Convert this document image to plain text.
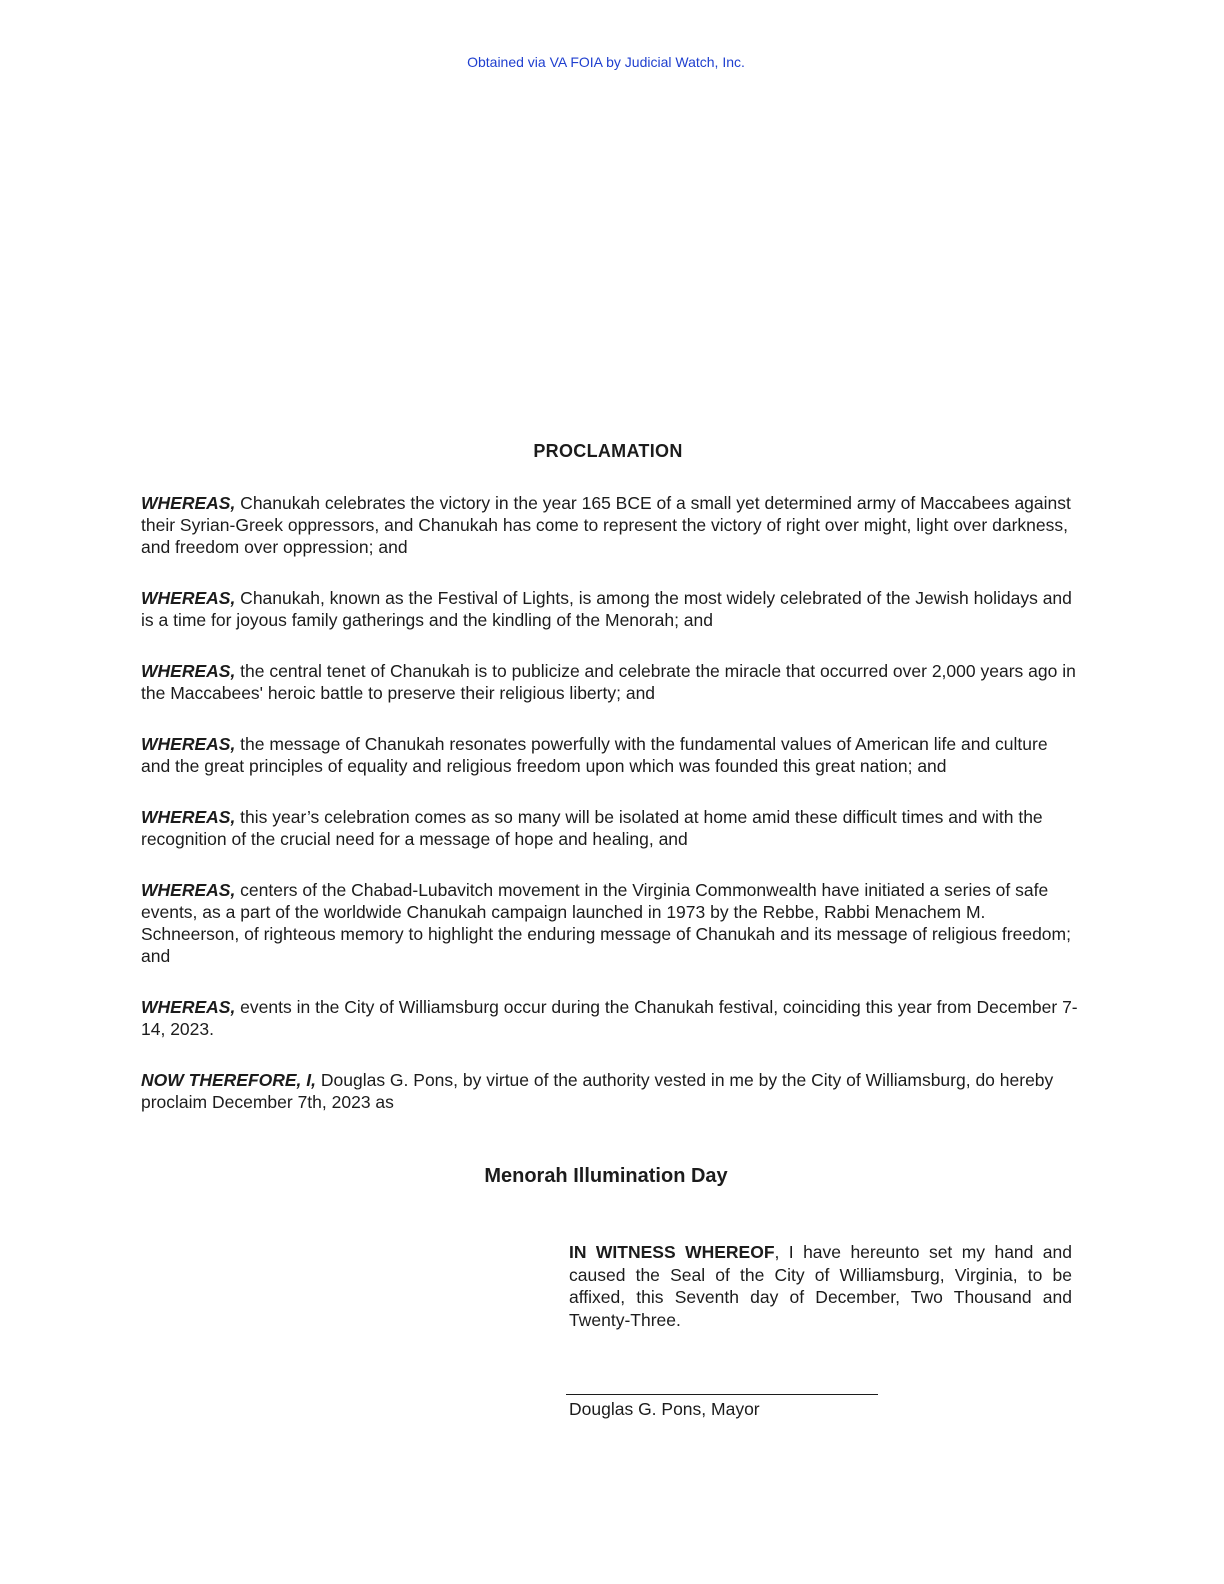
Obtained via VA FOIA by Judicial Watch, Inc.
PROCLAMATION

WHEREAS, Chanukah celebrates the victory in the year 165 BCE of a small yet determined army of Maccabees against their Syrian-Greek oppressors, and Chanukah has come to represent the victory of right over might, light over darkness, and freedom over oppression; and

WHEREAS, Chanukah, known as the Festival of Lights, is among the most widely celebrated of the Jewish holidays and is a time for joyous family gatherings and the kindling of the Menorah; and

WHEREAS, the central tenet of Chanukah is to publicize and celebrate the miracle that occurred over 2,000 years ago in the Maccabees' heroic battle to preserve their religious liberty; and

WHEREAS, the message of Chanukah resonates powerfully with the fundamental values of American life and culture and the great principles of equality and religious freedom upon which was founded this great nation; and

WHEREAS, this year’s celebration comes as so many will be isolated at home amid these difficult times and with the recognition of the crucial need for a message of hope and healing, and

WHEREAS, centers of the Chabad-Lubavitch movement in the Virginia Commonwealth have initiated a series of safe events, as a part of the worldwide Chanukah campaign launched in 1973 by the Rebbe, Rabbi Menachem M. Schneerson, of righteous memory to highlight the enduring message of Chanukah and its message of religious freedom; and

WHEREAS, events in the City of Williamsburg occur during the Chanukah festival, coinciding this year from December 7-14, 2023.

NOW THEREFORE, I, Douglas G. Pons, by virtue of the authority vested in me by the City of Williamsburg, do hereby proclaim December 7th, 2023 as

Menorah Illumination Day
IN WITNESS WHEREOF, I have hereunto set my hand and caused the Seal of the City of Williamsburg, Virginia, to be affixed, this Seventh day of December, Two Thousand and Twenty-Three.
Douglas G. Pons, Mayor
